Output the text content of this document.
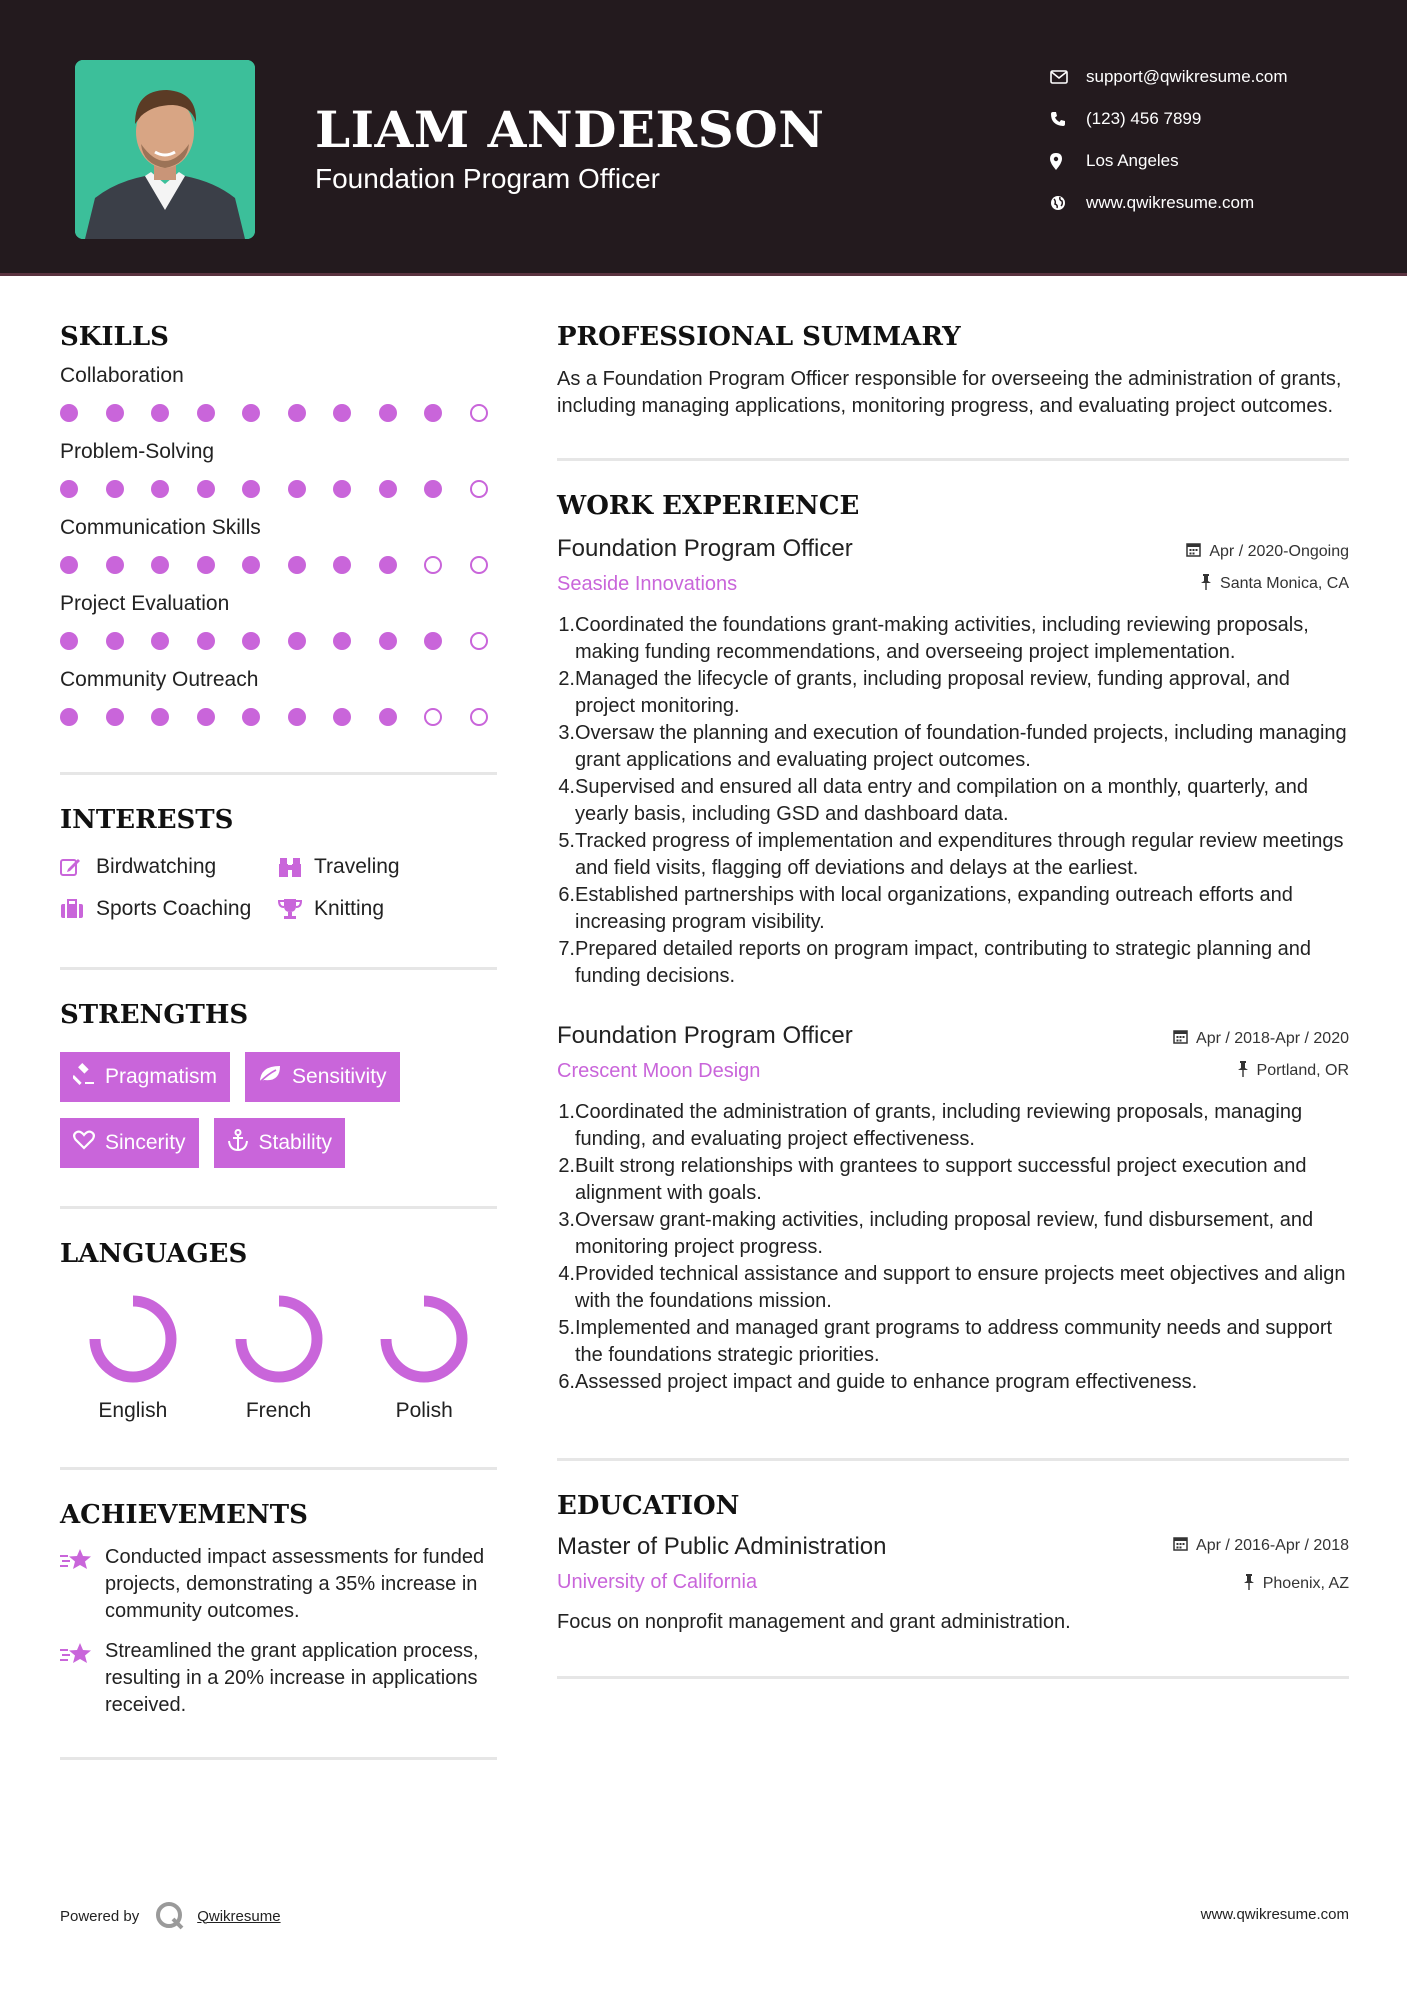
LIAM ANDERSON
Foundation Program Officer
support@qwikresume.com
(123) 456 7899
Los Angeles
www.qwikresume.com
SKILLS
Collaboration
Problem-Solving
Communication Skills
Project Evaluation
Community Outreach
INTERESTS
Birdwatching	Traveling
Sports Coaching	Knitting
STRENGTHS
Pragmatism	Sensitivity
Sincerity	Stability
LANGUAGES
English	French	Polish
ACHIEVEMENTS
Conducted impact assessments for funded projects, demonstrating a 35% increase in community outcomes.
Streamlined the grant application process, resulting in a 20% increase in applications received.
PROFESSIONAL SUMMARY
As a Foundation Program Officer responsible for overseeing the administration of grants, including managing applications, monitoring progress, and evaluating project outcomes.
WORK EXPERIENCE
Foundation Program Officer
Seaside Innovations
Apr / 2020-Ongoing
Santa Monica, CA
1. Coordinated the foundations grant-making activities, including reviewing proposals, making funding recommendations, and overseeing project implementation.
2. Managed the lifecycle of grants, including proposal review, funding approval, and project monitoring.
3. Oversaw the planning and execution of foundation-funded projects, including managing grant applications and evaluating project outcomes.
4. Supervised and ensured all data entry and compilation on a monthly, quarterly, and yearly basis, including GSD and dashboard data.
5. Tracked progress of implementation and expenditures through regular review meetings and field visits, flagging off deviations and delays at the earliest.
6. Established partnerships with local organizations, expanding outreach efforts and increasing program visibility.
7. Prepared detailed reports on program impact, contributing to strategic planning and funding decisions.
Foundation Program Officer
Crescent Moon Design
Apr / 2018-Apr / 2020
Portland, OR
1. Coordinated the administration of grants, including reviewing proposals, managing funding, and evaluating project effectiveness.
2. Built strong relationships with grantees to support successful project execution and alignment with goals.
3. Oversaw grant-making activities, including proposal review, fund disbursement, and monitoring project progress.
4. Provided technical assistance and support to ensure projects meet objectives and align with the foundations mission.
5. Implemented and managed grant programs to address community needs and support the foundations strategic priorities.
6. Assessed project impact and guide to enhance program effectiveness.
EDUCATION
Master of Public Administration
University of California
Apr / 2016-Apr / 2018
Phoenix, AZ
Focus on nonprofit management and grant administration.
Powered by	Qwikresume	www.qwikresume.com
